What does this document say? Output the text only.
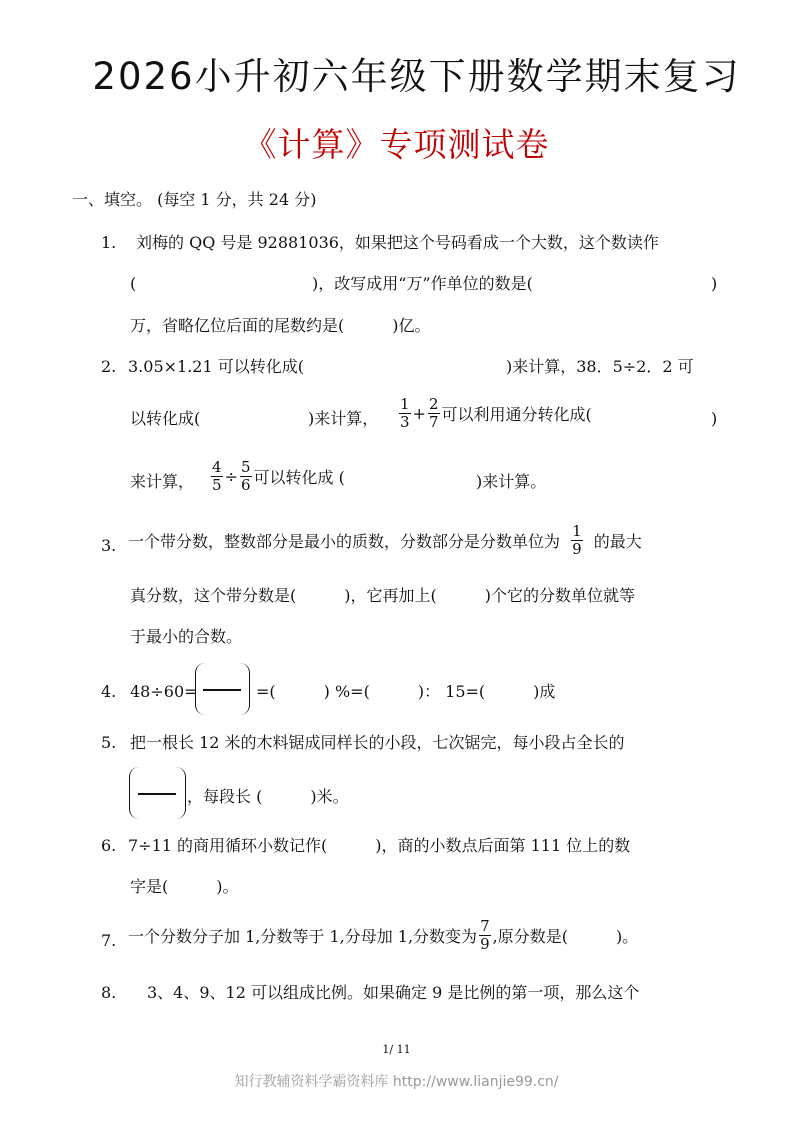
2026小升初六年级下册数学期末复习
《计算》专项测试卷
一、填空。 (每空 1 分，共 24 分)
1. 刘梅的 QQ 号是 92881036，如果把这个号码看成一个大数，这个数读作
(	)，改写成用“万”作单位的数是(	)
万，省略亿位后面的尾数约是(　　　)亿。
2. 3.05×1.21 可以转化成(	)来计算，38．5÷2．2 可
以转化成(	)来计算， $\frac{1}{3} + \frac{2}{7}$ 可以利用通分转化成(	)
来计算， $\frac{4}{5} \div \frac{5}{6}$ 可以转化成 (	)来计算。
3. 一个带分数，整数部分是最小的质数，分数部分是分数单位为 $\frac{1}{9}$ 的最大
真分数，这个带分数是(　　　)，它再加上(　　　)个它的分数单位就等
于最小的合数。
4. 48÷60=	=(　　　) %=(　　　)： 15=(　　　)成
5. 把一根长 12 米的木料锯成同样长的小段，七次锯完，每小段占全长的
，每段长 (　　　)米。
6. 7÷11 的商用循环小数记作(　　　)，商的小数点后面第 111 位上的数
字是(　　　)。
7. 一个分数分子加 1,分数等于 1,分母加 1,分数变为 $\frac{7}{9}$ ,原分数是(　　　)。
8. 3、4、9、12 可以组成比例。如果确定 9 是比例的第一项，那么这个
1/ 11
知行教辅资料学霸资料库 http://www.lianjie99.cn/
